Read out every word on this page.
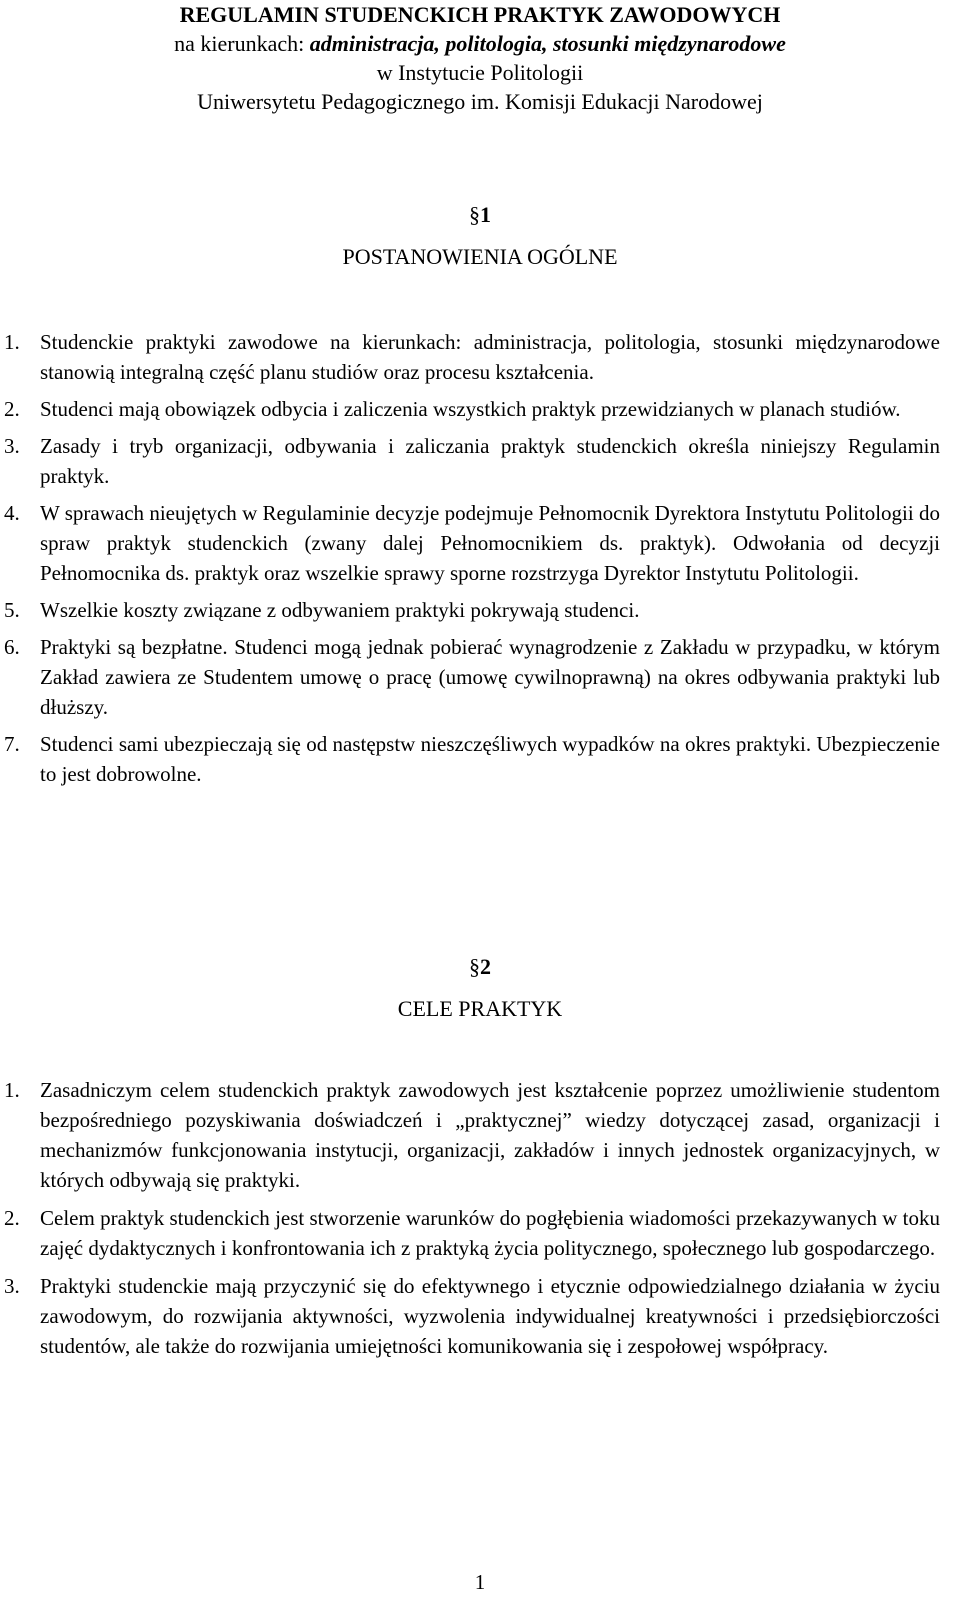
REGULAMIN STUDENCKICH PRAKTYK ZAWODOWYCH
na kierunkach: administracja, politologia, stosunki międzynarodowe
w Instytucie Politologii
Uniwersytetu Pedagogicznego im. Komisji Edukacji Narodowej
§1
POSTANOWIENIA OGÓLNE
1. Studenckie praktyki zawodowe na kierunkach: administracja, politologia, stosunki międzynarodowe stanowią integralną część planu studiów oraz procesu kształcenia.
2. Studenci mają obowiązek odbycia i zaliczenia wszystkich praktyk przewidzianych w planach studiów.
3. Zasady i tryb organizacji, odbywania i zaliczania praktyk studenckich określa niniejszy Regulamin praktyk.
4. W sprawach nieujętych w Regulaminie decyzje podejmuje Pełnomocnik Dyrektora Instytutu Politologii do spraw praktyk studenckich (zwany dalej Pełnomocnikiem ds. praktyk). Odwołania od decyzji Pełnomocnika ds. praktyk oraz wszelkie sprawy sporne rozstrzyga Dyrektor Instytutu Politologii.
5. Wszelkie koszty związane z odbywaniem praktyki pokrywają studenci.
6. Praktyki są bezpłatne. Studenci mogą jednak pobierać wynagrodzenie z Zakładu w przypadku, w którym Zakład zawiera ze Studentem umowę o pracę (umowę cywilnoprawną) na okres odbywania praktyki lub dłuższy.
7. Studenci sami ubezpieczają się od następstw nieszczęśliwych wypadków na okres praktyki. Ubezpieczenie to jest dobrowolne.
§2
CELE PRAKTYK
1. Zasadniczym celem studenckich praktyk zawodowych jest kształcenie poprzez umożliwienie studentom bezpośredniego pozyskiwania doświadczeń i „praktycznej” wiedzy dotyczącej zasad, organizacji i mechanizmów funkcjonowania instytucji, organizacji, zakładów i innych jednostek organizacyjnych, w których odbywają się praktyki.
2. Celem praktyk studenckich jest stworzenie warunków do pogłębienia wiadomości przekazywanych w toku zajęć dydaktycznych i konfrontowania ich z praktyką życia politycznego, społecznego lub gospodarczego.
3. Praktyki studenckie mają przyczynić się do efektywnego i etycznie odpowiedzialnego działania w życiu zawodowym, do rozwijania aktywności, wyzwolenia indywidualnej kreatywności i przedsiębiorczości studentów, ale także do rozwijania umiejętności komunikowania się i zespołowej współpracy.
1
